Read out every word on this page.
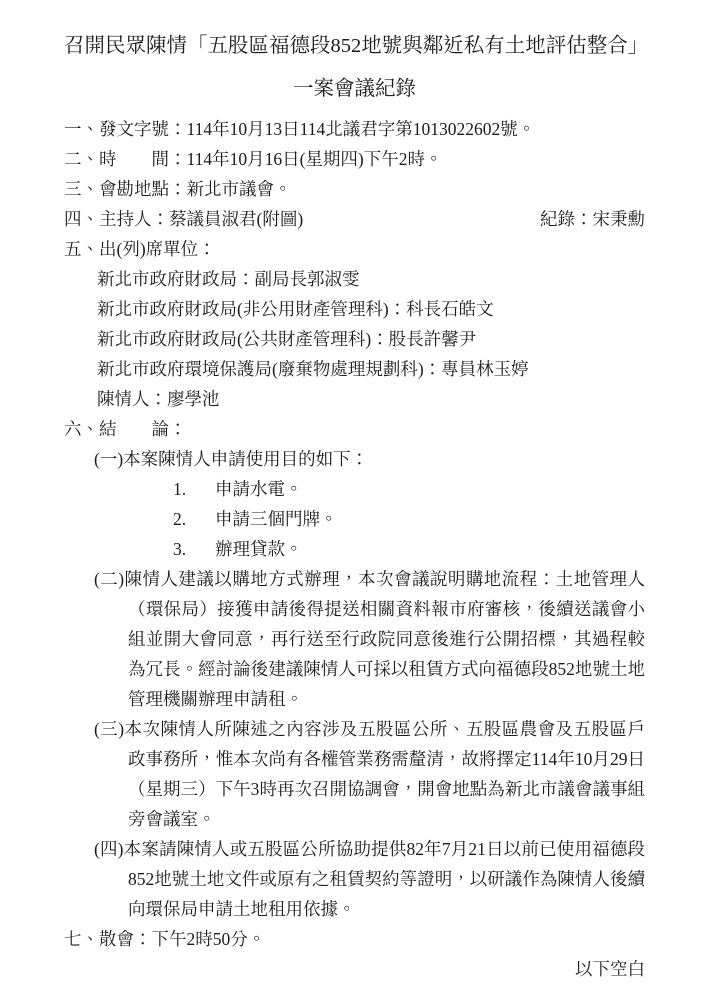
召開民眾陳情「五股區福德段852地號與鄰近私有土地評估整合」
一案會議紀錄
一、發文字號：114年10月13日114北議君字第1013022602號。
二、時　　間：114年10月16日(星期四)下午2時。
三、會勘地點：新北市議會。
四、主持人：蔡議員淑君(附圖)	紀錄：宋秉勳
五、出(列)席單位：
新北市政府財政局：副局長郭淑雯
新北市政府財政局(非公用財產管理科)：科長石皓文
新北市政府財政局(公共財產管理科)：股長許馨尹
新北市政府環境保護局(廢棄物處理規劃科)：專員林玉婷
陳情人：廖學池
六、結　　論：
(一)本案陳情人申請使用目的如下：
1. 申請水電。
2. 申請三個門牌。
3. 辦理貸款。
(二)陳情人建議以購地方式辦理，本次會議說明購地流程：土地管理人（環保局）接獲申請後得提送相關資料報市府審核，後續送議會小組並開大會同意，再行送至行政院同意後進行公開招標，其過程較為冗長。經討論後建議陳情人可採以租賃方式向福德段852地號土地管理機關辦理申請租。
(三)本次陳情人所陳述之內容涉及五股區公所、五股區農會及五股區戶政事務所，惟本次尚有各權管業務需釐清，故將擇定114年10月29日（星期三）下午3時再次召開協調會，開會地點為新北市議會議事組旁會議室。
(四)本案請陳情人或五股區公所協助提供82年7月21日以前已使用福德段852地號土地文件或原有之租賃契約等證明，以研議作為陳情人後續向環保局申請土地租用依據。
七、散會：下午2時50分。
以下空白
